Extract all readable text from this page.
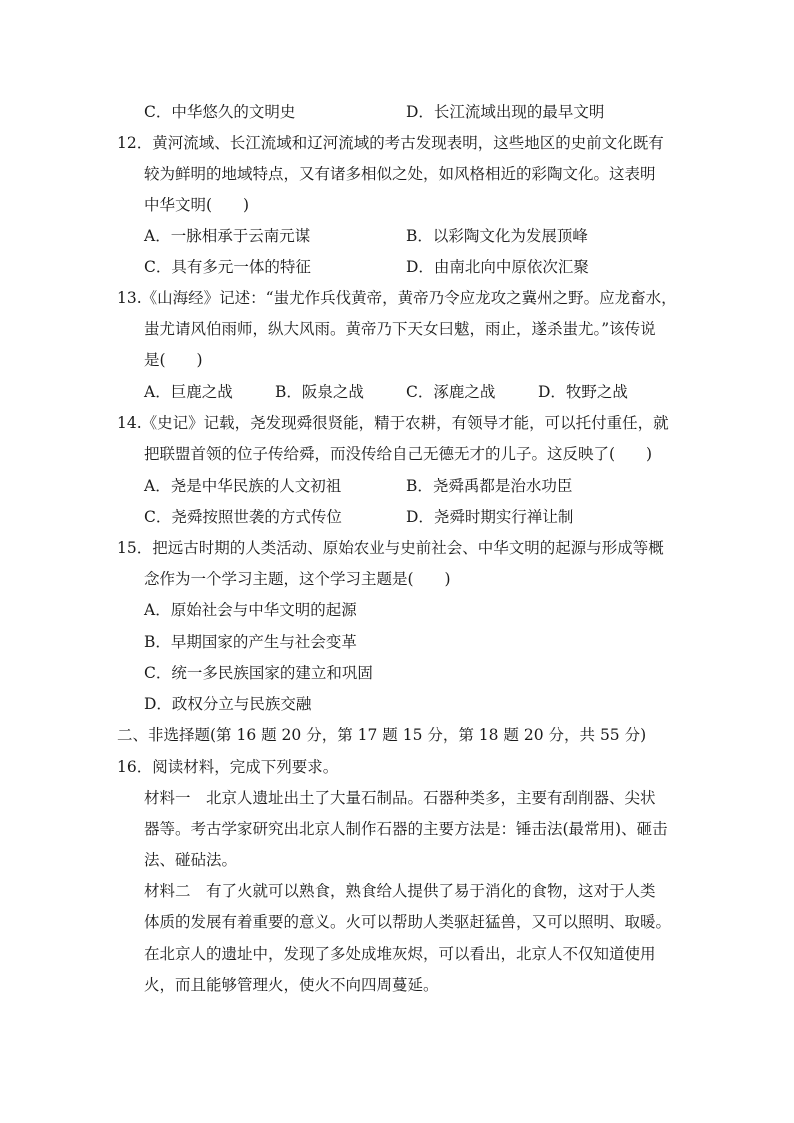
C．中华悠久的文明史	D．长江流域出现的最早文明
12．黄河流域、长江流域和辽河流域的考古发现表明，这些地区的史前文化既有
较为鲜明的地域特点，又有诸多相似之处，如风格相近的彩陶文化。这表明
中华文明(　　)
A．一脉相承于云南元谋	B．以彩陶文化为发展顶峰
C．具有多元一体的特征	D．由南北向中原依次汇聚
13.《山海经》记述：“蚩尤作兵伐黄帝，黄帝乃令应龙攻之冀州之野。应龙畜水，
蚩尤请风伯雨师，纵大风雨。黄帝乃下天女曰魃，雨止，遂杀蚩尤。”该传说
是(　　)
A．巨鹿之战	B．阪泉之战	C．涿鹿之战	D．牧野之战
14.《史记》记载，尧发现舜很贤能，精于农耕，有领导才能，可以托付重任，就
把联盟首领的位子传给舜，而没传给自己无德无才的儿子。这反映了(　　)
A．尧是中华民族的人文初祖	B．尧舜禹都是治水功臣
C．尧舜按照世袭的方式传位	D．尧舜时期实行禅让制
15．把远古时期的人类活动、原始农业与史前社会、中华文明的起源与形成等概
念作为一个学习主题，这个学习主题是(　　)
A．原始社会与中华文明的起源
B．早期国家的产生与社会变革
C．统一多民族国家的建立和巩固
D．政权分立与民族交融
二、非选择题(第 16 题 20 分，第 17 题 15 分，第 18 题 20 分，共 55 分)
16．阅读材料，完成下列要求。
材料一　北京人遗址出土了大量石制品。石器种类多，主要有刮削器、尖状
器等。考古学家研究出北京人制作石器的主要方法是：锤击法(最常用)、砸击
法、碰砧法。
材料二　有了火就可以熟食，熟食给人提供了易于消化的食物，这对于人类
体质的发展有着重要的意义。火可以帮助人类驱赶猛兽，又可以照明、取暖。
在北京人的遗址中，发现了多处成堆灰烬，可以看出，北京人不仅知道使用
火，而且能够管理火，使火不向四周蔓延。
